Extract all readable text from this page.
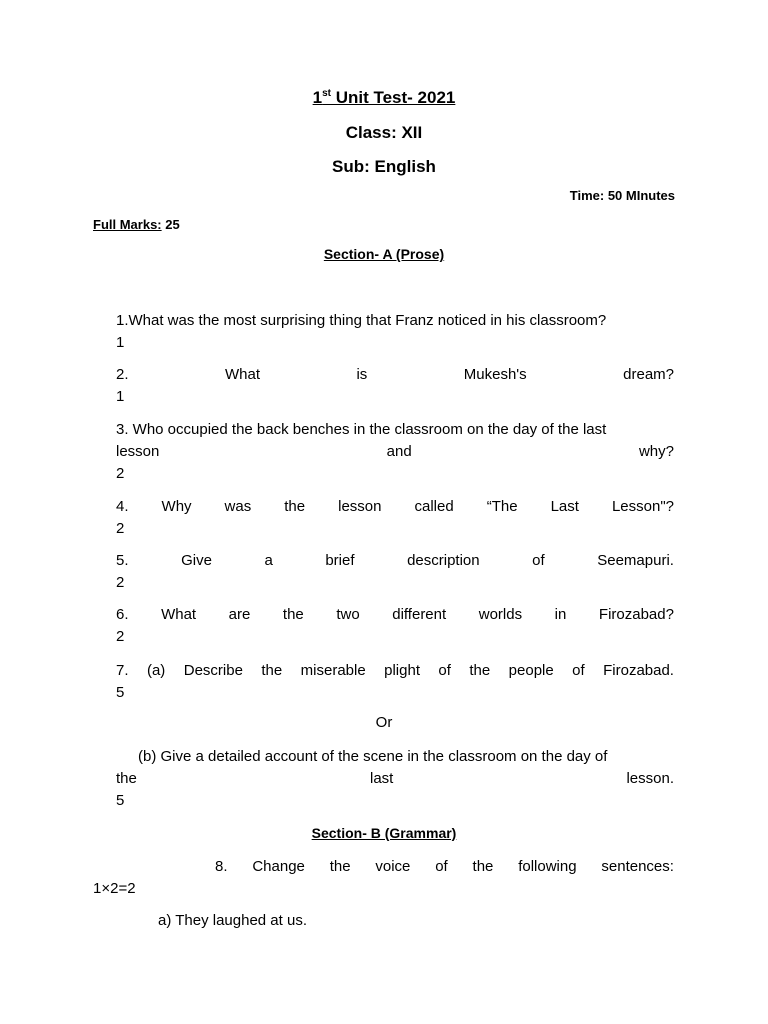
1st Unit Test- 2021
Class: XII
Sub: English
Time: 50 MInutes
Full Marks: 25
Section- A (Prose)
1.What was the most surprising thing that Franz noticed in his classroom?
1
2.	What	is	Mukesh's	dream?
1
3. Who occupied the back benches in the classroom on the day of the last
lesson	and	why?
2
4. Why was the lesson called “The Last Lesson"?
2
5.	Give	a	brief	description	of	Seemapuri.
2
6. What are the two different worlds in Firozabad?
2
7. (a) Describe the miserable plight of the people of Firozabad.
5
Or
(b) Give a detailed account of the scene in the classroom on the day of
the	last	lesson.
5
Section- B (Grammar)
8. Change the voice of the following sentences:
1×2=2
a) They laughed at us.
